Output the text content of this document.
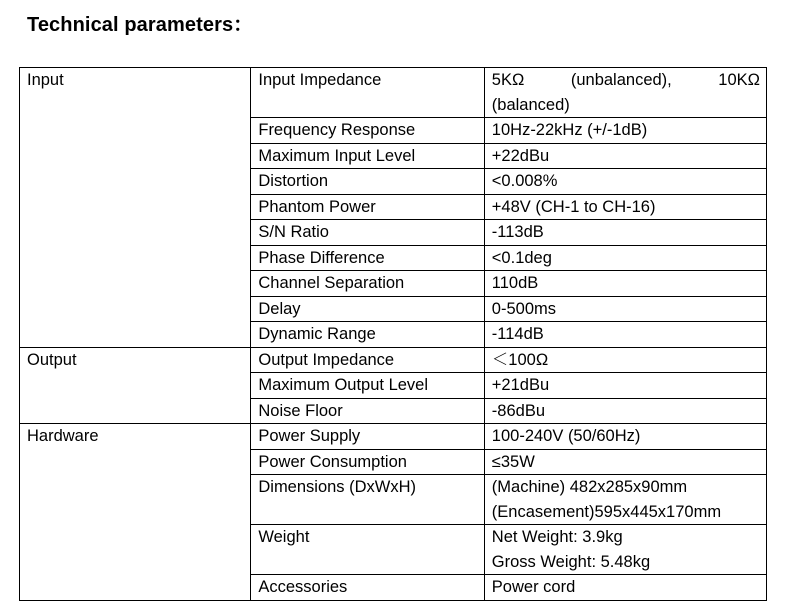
Technical parameters：
Input	Input Impedance	5KΩ (unbalanced), 10KΩ
(balanced)

	Frequency Response	10Hz-22kHz (+/-1dB)

	Maximum Input Level	+22dBu

	Distortion	<0.008%

	Phantom Power	+48V (CH-1 to CH-16)

	S/N Ratio	-113dB

	Phase Difference	<0.1deg

	Channel Separation	110dB

	Delay	0-500ms

	Dynamic Range	-114dB

Output	Output Impedance	＜100Ω

	Maximum Output Level	+21dBu

	Noise Floor	-86dBu

Hardware	Power Supply	100-240V (50/60Hz)

	Power Consumption	≤35W

	Dimensions (DxWxH)	(Machine) 482x285x90mm
(Encasement)595x445x170mm

	Weight	Net Weight: 3.9kg
Gross Weight: 5.48kg

	Accessories	Power cord
